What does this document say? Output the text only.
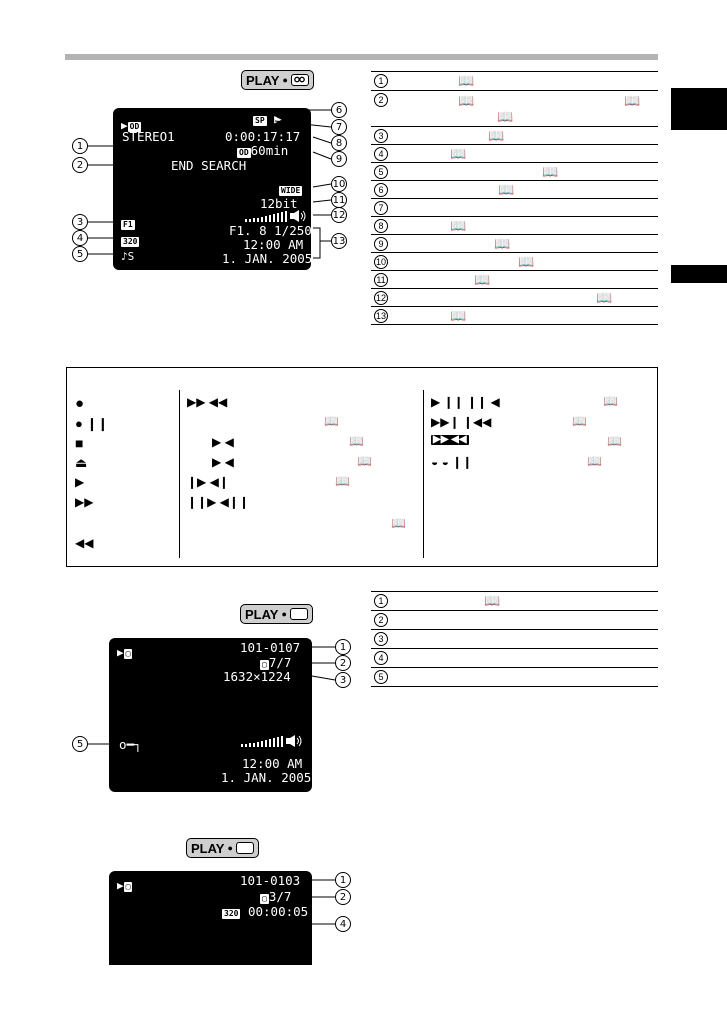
PLAY ●
▶ OD
STEREO1
END SEARCH
SP ▶
0:00:17:17
OD 60min
WIDE
12bit
F1. 8 1/250
12:00 AM
1. JAN. 2005
F1
320
♪S
1
2
3
4
5
6
7
8
9
10
11
12
13
1	📖
2	📖	📖
📖
3	📖
4	📖
5	📖
6	📖
7
8	📖
9	📖
10	📖
11	📖
12	📖
13	📖
●
● ❙❙
■
⏏
▶
▶▶
◀◀
▶▶ ◀◀
📖
▶ ◀	📖
▶ ◀	📖
❙▶ ◀❙	📖
❙❙▶ ◀❙❙
📖
▶ ❙❙ ❙❙ ◀	📖
▶▶❙ ❙◀◀	📖
▶▶ ◀◀	📖
◒ ◒ ❙❙	📖
PLAY ●
▶ ▢	101-0107
▢ 7/7
1632×1224
o━┐
12:00 AM
1. JAN. 2005
1
2
3
5
1	📖
2
3
4
5
PLAY ●
▶ ▢	101-0103
▢ 3/7
320 00:00:05
1
2
4
